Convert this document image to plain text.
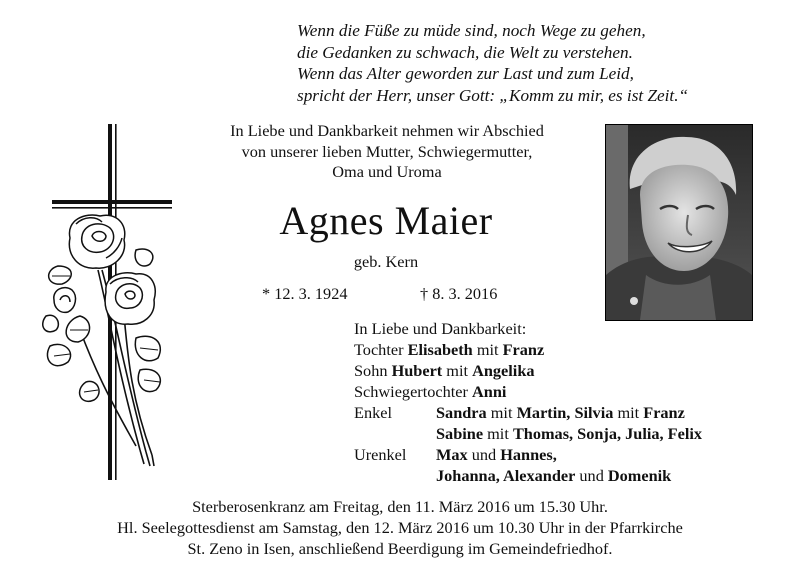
Wenn die Füße zu müde sind, noch Wege zu gehen,
die Gedanken zu schwach, die Welt zu verstehen.
Wenn das Alter geworden zur Last und zum Leid,
spricht der Herr, unser Gott: „Komm zu mir, es ist Zeit.“
In Liebe und Dankbarkeit nehmen wir Abschied
von unserer lieben Mutter, Schwiegermutter,
Oma und Uroma
Agnes Maier
geb. Kern
* 12. 3. 1924	† 8. 3. 2016
In Liebe und Dankbarkeit:
Tochter Elisabeth mit Franz
Sohn Hubert mit Angelika
Schwiegertochter Anni
Enkel	Sandra mit Martin, Silvia mit Franz
Sabine mit Thomas, Sonja, Julia, Felix
Urenkel Max und Hannes,
Johanna, Alexander und Domenik
Sterberosenkranz am Freitag, den 11. März 2016 um 15.30 Uhr.
Hl. Seelegottesdienst am Samstag, den 12. März 2016 um 10.30 Uhr in der Pfarrkirche
St. Zeno in Isen, anschließend Beerdigung im Gemeindefriedhof.
